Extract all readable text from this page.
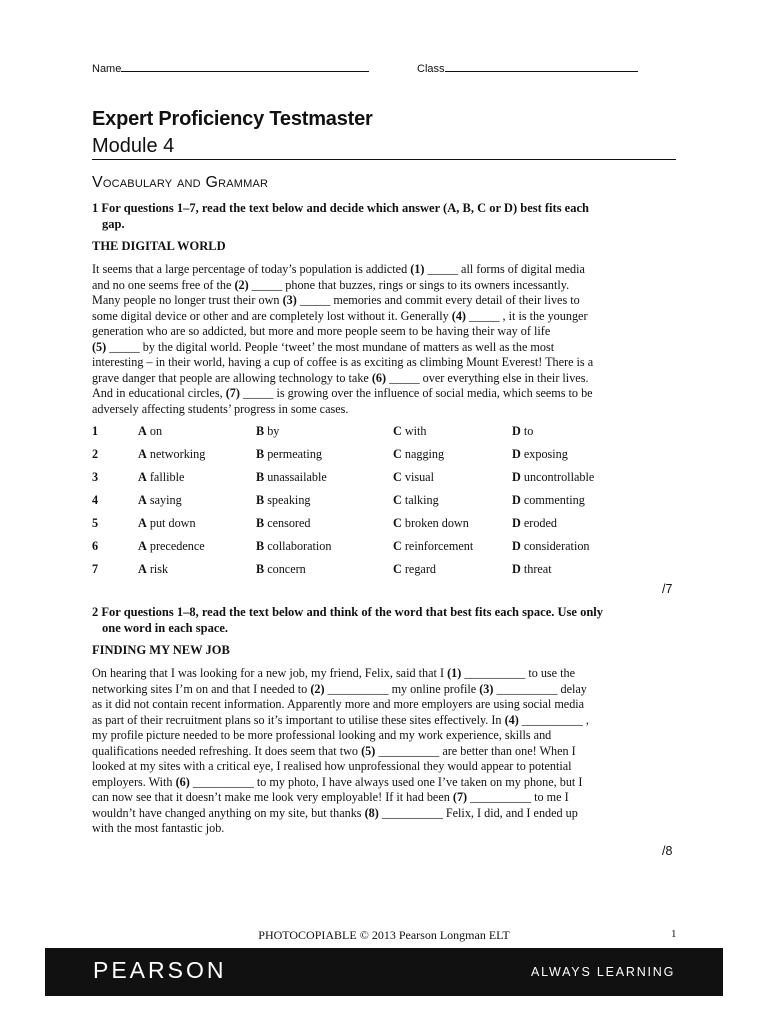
Name	Class
Expert Proficiency Testmaster
Module 4
Vocabulary and Grammar
1 For questions 1–7, read the text below and decide which answer (A, B, C or D) best fits each
gap.
THE DIGITAL WORLD
It seems that a large percentage of today’s population is addicted (1) _____ all forms of digital media
and no one seems free of the (2) _____ phone that buzzes, rings or sings to its owners incessantly.
Many people no longer trust their own (3) _____ memories and commit every detail of their lives to
some digital device or other and are completely lost without it. Generally (4) _____ , it is the younger
generation who are so addicted, but more and more people seem to be having their way of life
(5) _____ by the digital world. People ‘tweet’ the most mundane of matters as well as the most
interesting – in their world, having a cup of coffee is as exciting as climbing Mount Everest! There is a
grave danger that people are allowing technology to take (6) _____ over everything else in their lives.
And in educational circles, (7) _____ is growing over the influence of social media, which seems to be
adversely affecting students’ progress in some cases.
1	A on	B by	C with	D to
2	A networking	B permeating	C nagging	D exposing
3	A fallible	B unassailable	C visual	D uncontrollable
4	A saying	B speaking	C talking	D commenting
5	A put down	B censored	C broken down	D eroded
6	A precedence	B collaboration	C reinforcement	D consideration
7	A risk	B concern	C regard	D threat
/7
2 For questions 1–8, read the text below and think of the word that best fits each space. Use only
one word in each space.
FINDING MY NEW JOB
On hearing that I was looking for a new job, my friend, Felix, said that I (1) __________ to use the
networking sites I’m on and that I needed to (2) __________ my online profile (3) __________ delay
as it did not contain recent information. Apparently more and more employers are using social media
as part of their recruitment plans so it’s important to utilise these sites effectively. In (4) __________ ,
my profile picture needed to be more professional looking and my work experience, skills and
qualifications needed refreshing. It does seem that two (5) __________ are better than one! When I
looked at my sites with a critical eye, I realised how unprofessional they would appear to potential
employers. With (6) __________ to my photo, I have always used one I’ve taken on my phone, but I
can now see that it doesn’t make me look very employable! If it had been (7) __________ to me I
wouldn’t have changed anything on my site, but thanks (8) __________ Felix, I did, and I ended up
with the most fantastic job.
/8
PHOTOCOPIABLE © 2013 Pearson Longman ELT	1
PEARSON	ALWAYS LEARNING
